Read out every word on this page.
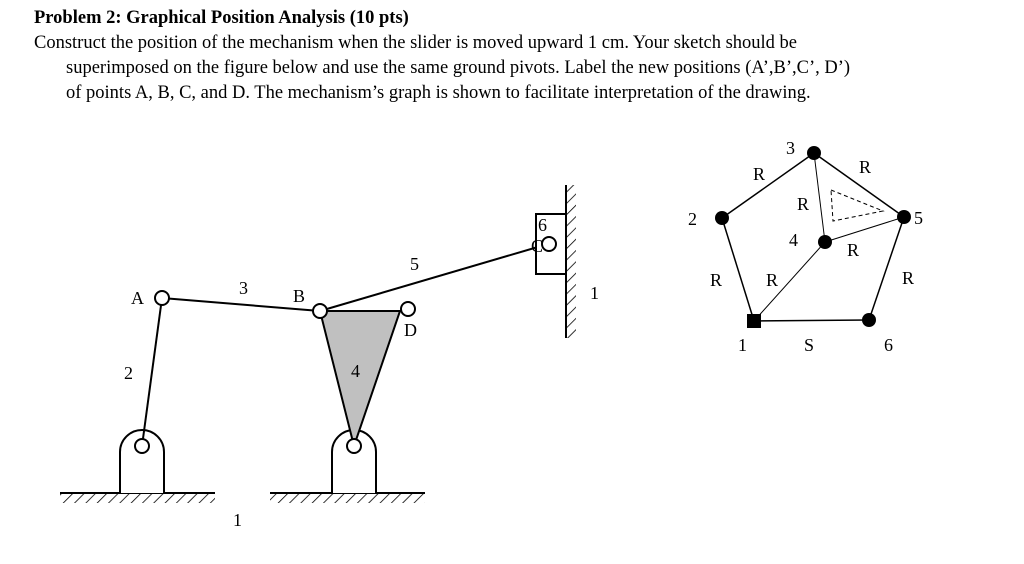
Problem 2: Graphical Position Analysis (10 pts)

Construct the position of the mechanism when the slider is moved upward 1 cm. Your sketch should be

superimposed on the figure below and use the same ground pivots. Label the new positions (A’,B’,C’, D’)

of points A, B, C, and D. The mechanism’s graph is shown to facilitate interpretation of the drawing.

A	B
C
D
2
3
4
5
6
1
1
1
2
3
4
5
6
R	R
R
R
R R	R
S
